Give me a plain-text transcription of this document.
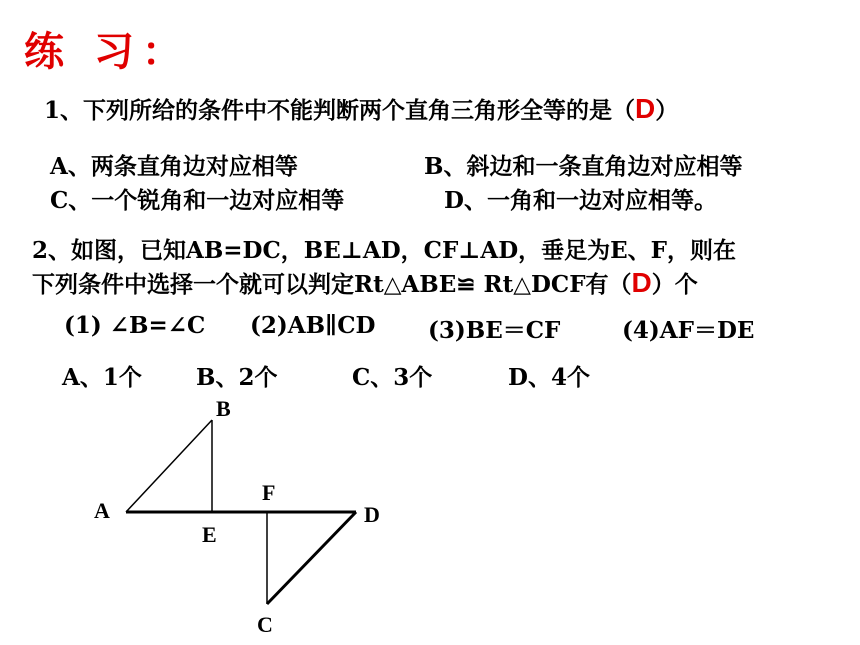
练 习：
1、下列所给的条件中不能判断两个直角三角形全等的是（D）
A、两条直角边对应相等	B、斜边和一条直角边对应相等
C、一个锐角和一边对应相等	D、一角和一边对应相等。
2、如图，已知AB=DC，BE⊥AD，CF⊥AD，垂足为E、F，则在
下列条件中选择一个就可以判定Rt△ABE≌ Rt△DCF有（D）个
(1) ∠B=∠C (2)AB∥CD (3)BE＝CF	(4)AF＝DE
A、1个 B、2个	C、3个	D、4个
B
A
E
F
D
C
